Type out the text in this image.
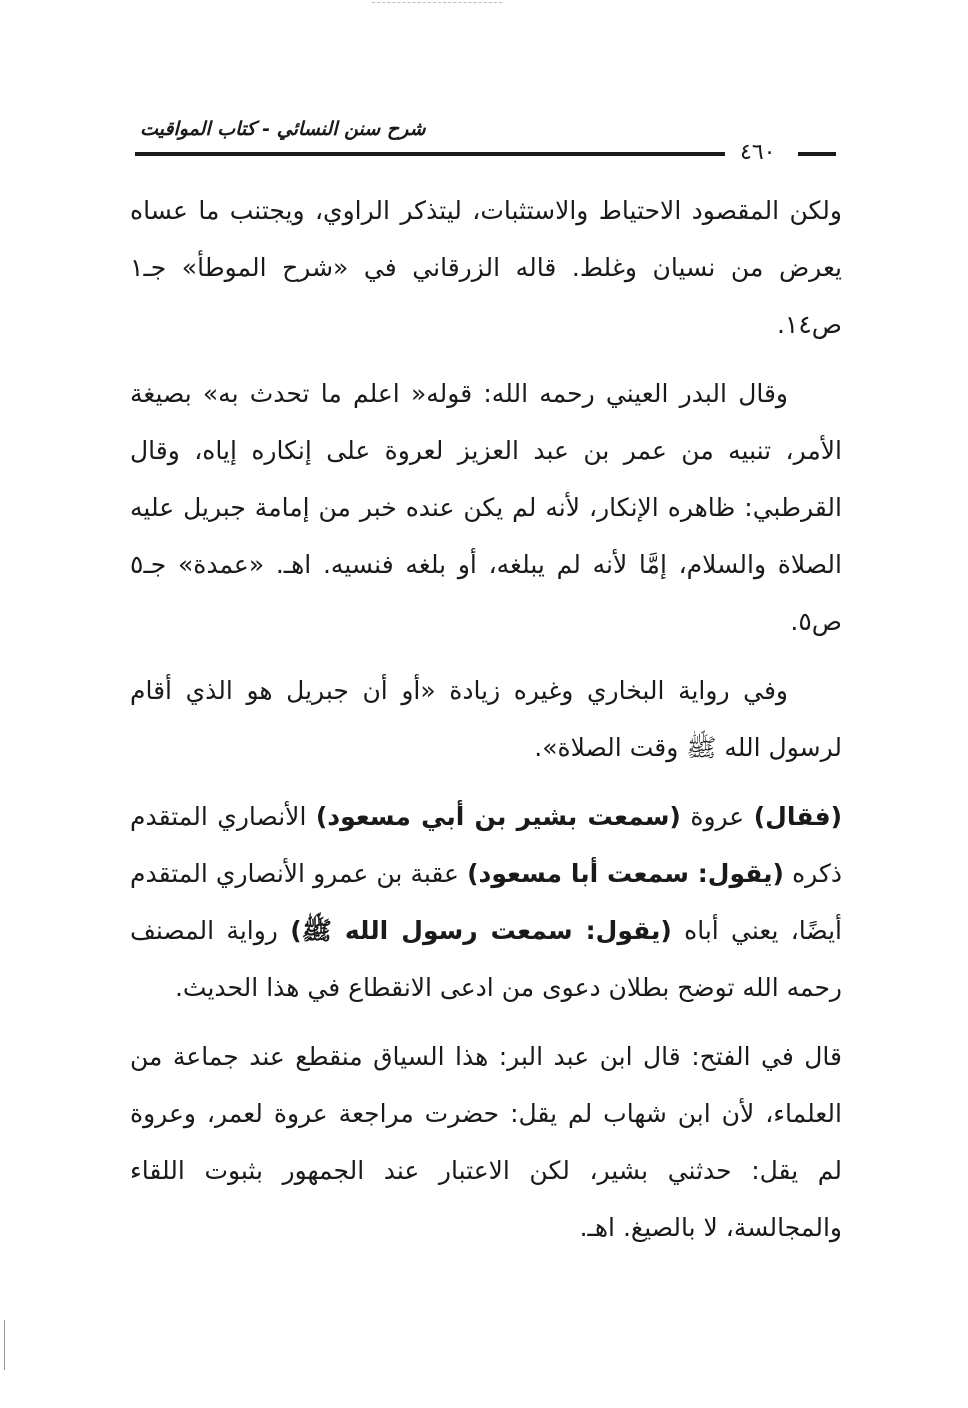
شرح سنن النسائي - كتاب المواقيت
٤٦٠

ولكن المقصود الاحتياط والاستثبات، ليتذكر الراوي، ويجتنب ما عساه يعرض من نسيان وغلط. قاله الزرقاني في «شرح الموطأ» جـ١ ص١٤.

وقال البدر العيني رحمه الله: قوله« اعلم ما تحدث به» بصيغة الأمر، تنبيه من عمر بن عبد العزيز لعروة على إنكاره إياه، وقال القرطبي: ظاهره الإنكار، لأنه لم يكن عنده خبر من إمامة جبريل عليه الصلاة والسلام، إمَّا لأنه لم يبلغه، أو بلغه فنسيه. اهـ. «عمدة» جـ٥ ص٥.

وفي رواية البخاري وغيره زيادة «أو أن جبريل هو الذي أقام لرسول الله ﷺ وقت الصلاة».

(فقال) عروة (سمعت بشير بن أبي مسعود) الأنصاري المتقدم ذكره (يقول: سمعت أبا مسعود) عقبة بن عمرو الأنصاري المتقدم أيضًا، يعني أباه (يقول: سمعت رسول الله ﷺ) رواية المصنف رحمه الله توضح بطلان دعوى من ادعى الانقطاع في هذا الحديث.

قال في الفتح: قال ابن عبد البر: هذا السياق منقطع عند جماعة من العلماء، لأن ابن شهاب لم يقل: حضرت مراجعة عروة لعمر، وعروة لم يقل: حدثني بشير، لكن الاعتبار عند الجمهور بثبوت اللقاء والمجالسة، لا بالصيغ. اهـ.
